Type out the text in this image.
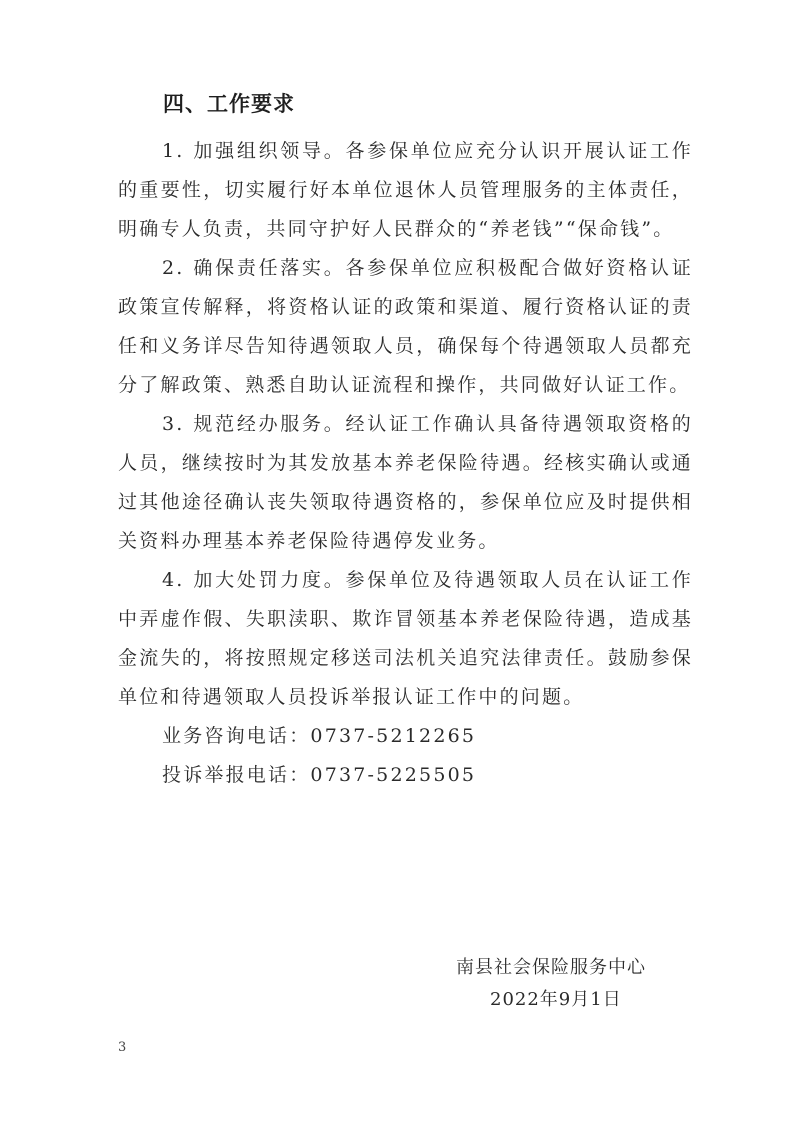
四、工作要求

1. 加强组织领导。各参保单位应充分认识开展认证工作的重要性，切实履行好本单位退休人员管理服务的主体责任，明确专人负责，共同守护好人民群众的“养老钱”“保命钱”。

2. 确保责任落实。各参保单位应积极配合做好资格认证政策宣传解释，将资格认证的政策和渠道、履行资格认证的责任和义务详尽告知待遇领取人员，确保每个待遇领取人员都充分了解政策、熟悉自助认证流程和操作，共同做好认证工作。

3. 规范经办服务。经认证工作确认具备待遇领取资格的人员，继续按时为其发放基本养老保险待遇。经核实确认或通过其他途径确认丧失领取待遇资格的，参保单位应及时提供相关资料办理基本养老保险待遇停发业务。

4. 加大处罚力度。参保单位及待遇领取人员在认证工作中弄虚作假、失职渎职、欺诈冒领基本养老保险待遇，造成基金流失的，将按照规定移送司法机关追究法律责任。鼓励参保单位和待遇领取人员投诉举报认证工作中的问题。

业务咨询电话：0737-5212265

投诉举报电话：0737-5225505

南县社会保险服务中心
2022年9月1日
3
